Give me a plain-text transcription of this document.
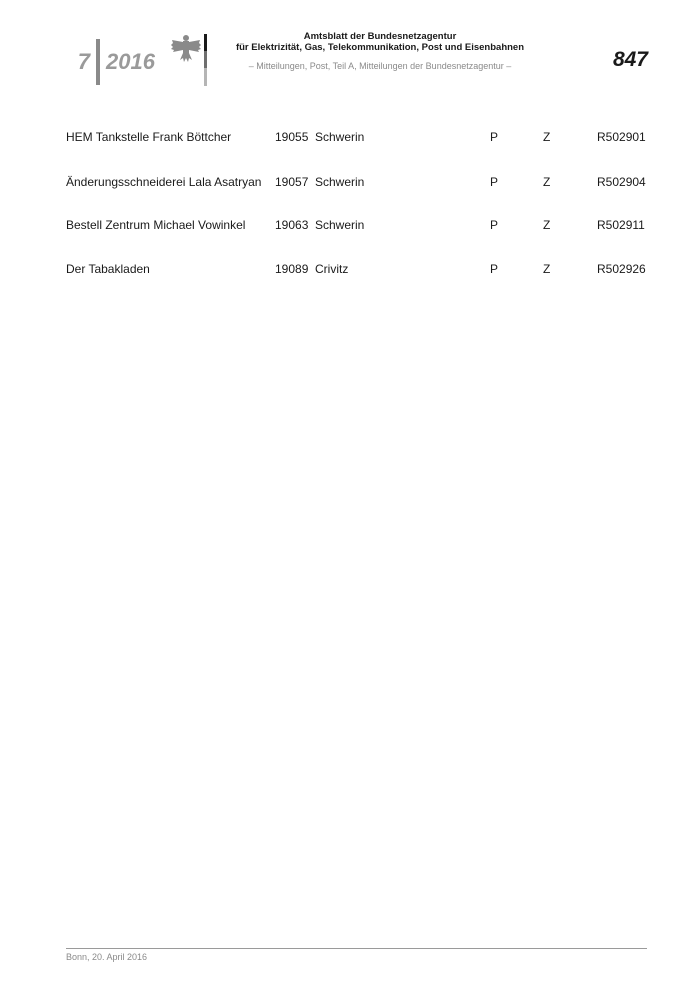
7 2016
Amtsblatt der Bundesnetzagentur
für Elektrizität, Gas, Telekommunikation, Post und Eisenbahnen
– Mitteilungen, Post, Teil A, Mitteilungen der Bundesnetzagentur –	847
HEM Tankstelle Frank Böttcher	19055 Schwerin	P	Z	R502901
Änderungsschneiderei Lala Asatryan 19057 Schwerin	P	Z	R502904
Bestell Zentrum Michael Vowinkel 19063 Schwerin	P	Z	R502911
Der Tabakladen	19089 Crivitz	P	Z	R502926
Bonn, 20. April 2016
